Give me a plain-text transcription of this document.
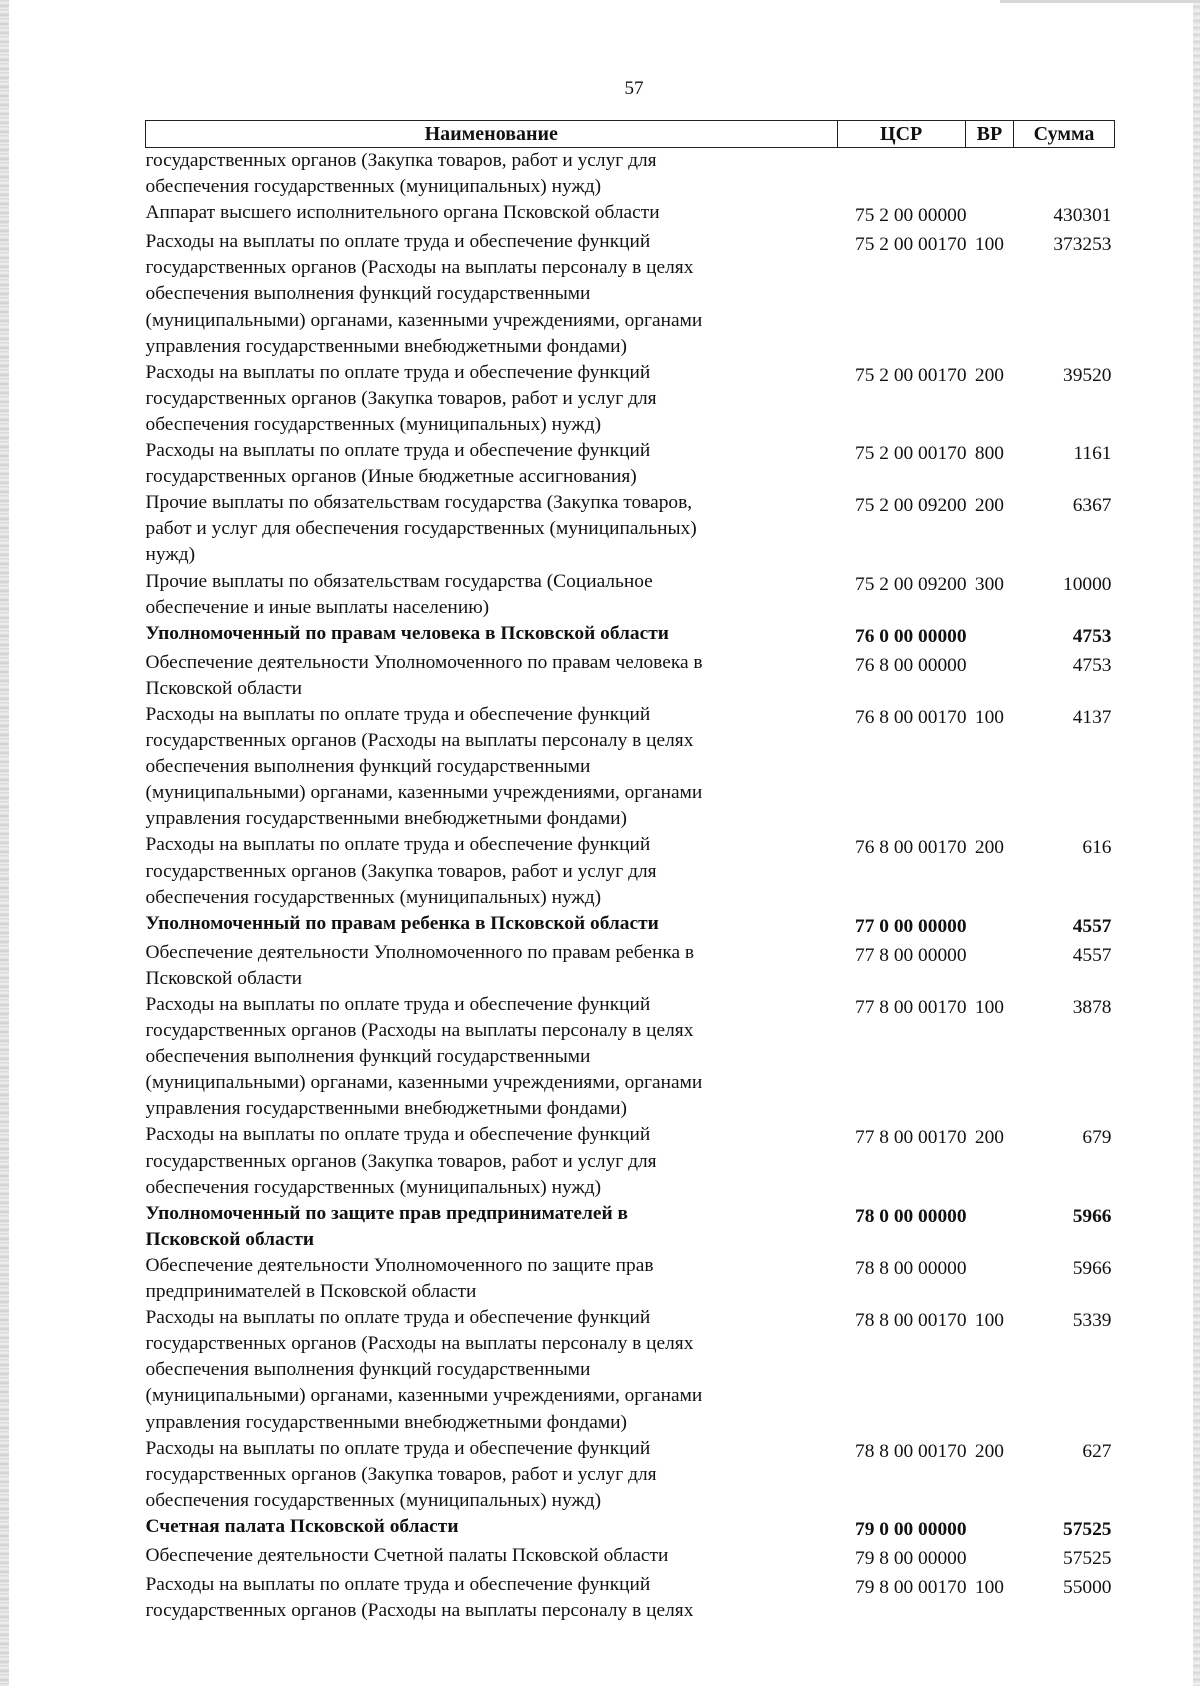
57
Наименование	ЦСР	ВР	Сумма

государственных органов (Закупка товаров, работ и услуг для
обеспечения государственных (муниципальных) нужд)			

Аппарат высшего исполнительного органа Псковской области	75 2 00 00000		430301

Расходы на выплаты по оплате труда и обеспечение функций
государственных органов (Расходы на выплаты персоналу в целях
обеспечения выполнения функций государственными
(муниципальными) органами, казенными учреждениями, органами
управления государственными внебюджетными фондами)	75 2 00 00170	100	373253

Расходы на выплаты по оплате труда и обеспечение функций
государственных органов (Закупка товаров, работ и услуг для
обеспечения государственных (муниципальных) нужд)	75 2 00 00170	200	39520

Расходы на выплаты по оплате труда и обеспечение функций
государственных органов (Иные бюджетные ассигнования)	75 2 00 00170	800	1161

Прочие выплаты по обязательствам государства (Закупка товаров,
работ и услуг для обеспечения государственных (муниципальных)
нужд)	75 2 00 09200	200	6367

Прочие выплаты по обязательствам государства (Социальное
обеспечение и иные выплаты населению)	75 2 00 09200	300	10000

Уполномоченный по правам человека в Псковской области	76 0 00 00000		4753

Обеспечение деятельности Уполномоченного по правам человека в
Псковской области	76 8 00 00000		4753

Расходы на выплаты по оплате труда и обеспечение функций
государственных органов (Расходы на выплаты персоналу в целях
обеспечения выполнения функций государственными
(муниципальными) органами, казенными учреждениями, органами
управления государственными внебюджетными фондами)	76 8 00 00170	100	4137

Расходы на выплаты по оплате труда и обеспечение функций
государственных органов (Закупка товаров, работ и услуг для
обеспечения государственных (муниципальных) нужд)	76 8 00 00170	200	616

Уполномоченный по правам ребенка в Псковской области	77 0 00 00000		4557

Обеспечение деятельности Уполномоченного по правам ребенка в
Псковской области	77 8 00 00000		4557

Расходы на выплаты по оплате труда и обеспечение функций
государственных органов (Расходы на выплаты персоналу в целях
обеспечения выполнения функций государственными
(муниципальными) органами, казенными учреждениями, органами
управления государственными внебюджетными фондами)	77 8 00 00170	100	3878

Расходы на выплаты по оплате труда и обеспечение функций
государственных органов (Закупка товаров, работ и услуг для
обеспечения государственных (муниципальных) нужд)	77 8 00 00170	200	679

Уполномоченный по защите прав предпринимателей в
Псковской области	78 0 00 00000		5966

Обеспечение деятельности Уполномоченного по защите прав
предпринимателей в Псковской области	78 8 00 00000		5966

Расходы на выплаты по оплате труда и обеспечение функций
государственных органов (Расходы на выплаты персоналу в целях
обеспечения выполнения функций государственными
(муниципальными) органами, казенными учреждениями, органами
управления государственными внебюджетными фондами)	78 8 00 00170	100	5339

Расходы на выплаты по оплате труда и обеспечение функций
государственных органов (Закупка товаров, работ и услуг для
обеспечения государственных (муниципальных) нужд)	78 8 00 00170	200	627

Счетная палата Псковской области	79 0 00 00000		57525

Обеспечение деятельности Счетной палаты Псковской области	79 8 00 00000		57525

Расходы на выплаты по оплате труда и обеспечение функций
государственных органов (Расходы на выплаты персоналу в целях	79 8 00 00170	100	55000
